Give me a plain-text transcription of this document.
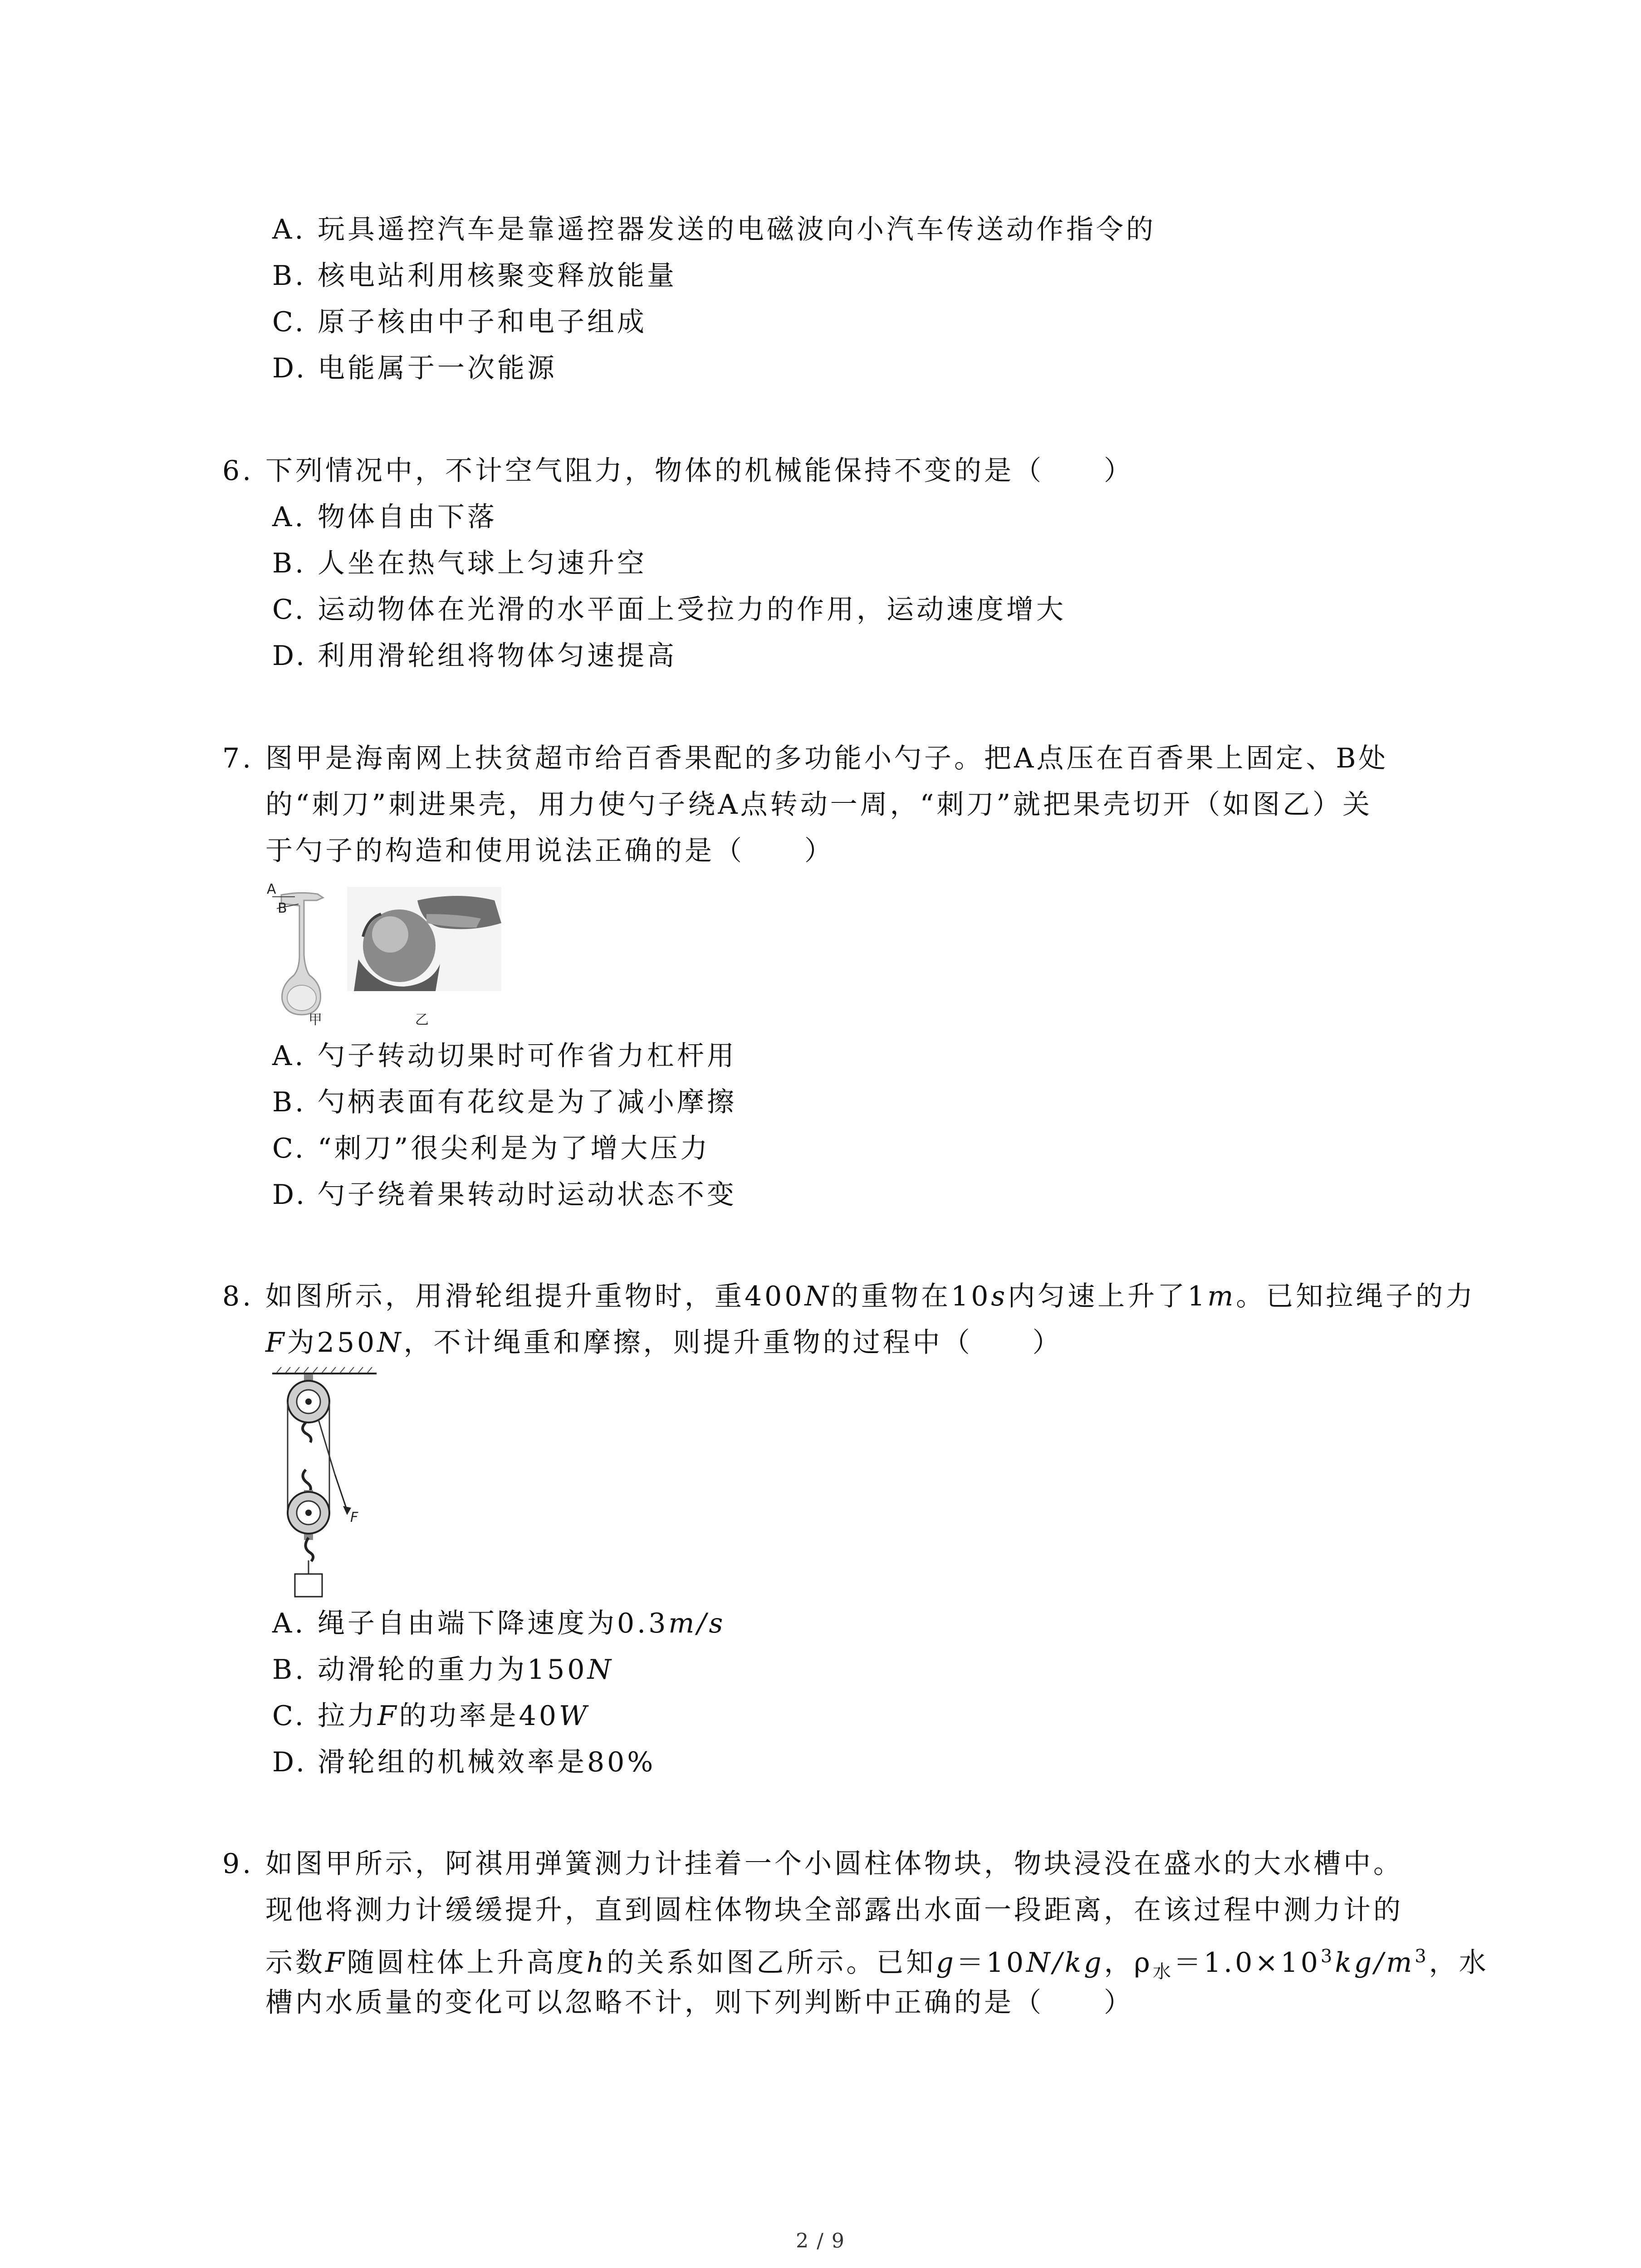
A. 玩具遥控汽车是靠遥控器发送的电磁波向小汽车传送动作指令的
B. 核电站利用核聚变释放能量
C. 原子核由中子和电子组成
D. 电能属于一次能源
6. 下列情况中，不计空气阻力，物体的机械能保持不变的是（　　）
A. 物体自由下落
B. 人坐在热气球上匀速升空
C. 运动物体在光滑的水平面上受拉力的作用，运动速度增大
D. 利用滑轮组将物体匀速提高
7. 图甲是海南网上扶贫超市给百香果配的多功能小勺子。把A点压在百香果上固定、B处
的“刺刀”刺进果壳，用力使勺子绕A点转动一周，“刺刀”就把果壳切开（如图乙）关
于勺子的构造和使用说法正确的是（　　）
A
B
甲	乙
A. 勺子转动切果时可作省力杠杆用
B. 勺柄表面有花纹是为了减小摩擦
C. “刺刀”很尖利是为了增大压力
D. 勺子绕着果转动时运动状态不变
8. 如图所示，用滑轮组提升重物时，重400N的重物在10s内匀速上升了1m。已知拉绳子的力
F为250N，不计绳重和摩擦，则提升重物的过程中（　　）
F
A. 绳子自由端下降速度为0.3m/s
B. 动滑轮的重力为150N
C. 拉力F的功率是40W
D. 滑轮组的机械效率是80%
9. 如图甲所示，阿祺用弹簧测力计挂着一个小圆柱体物块，物块浸没在盛水的大水槽中。
现他将测力计缓缓提升，直到圆柱体物块全部露出水面一段距离，在该过程中测力计的
示数F随圆柱体上升高度h的关系如图乙所示。已知g＝10N/kg，$\rho_水=1.0\times 10^3kg/m^3$，水
槽内水质量的变化可以忽略不计，则下列判断中正确的是（　　）
2 / 9
